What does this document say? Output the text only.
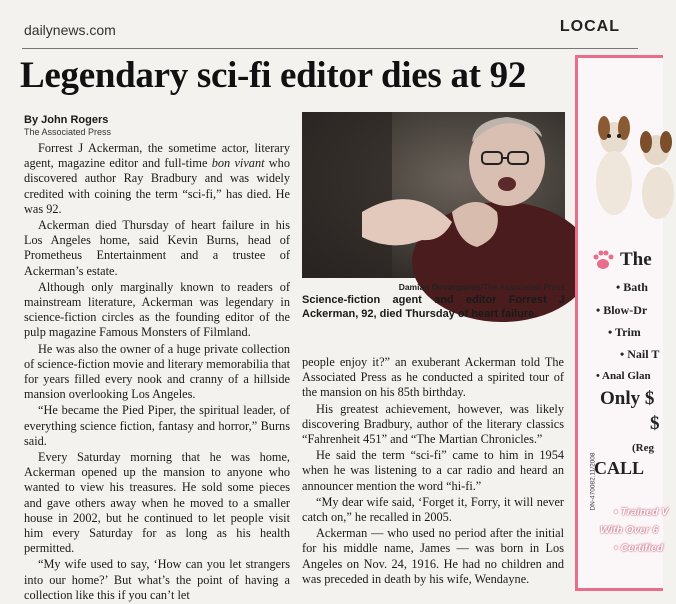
dailynews.com	LOCAL
Legendary sci-fi editor dies at 92
By John Rogers
The Associated Press

Forrest J Ackerman, the sometime actor, literary agent, magazine editor and full-time bon vivant who discovered author Ray Bradbury and was widely credited with coining the term “sci-fi,” has died. He was 92.

Ackerman died Thursday of heart failure in his Los Angeles home, said Kevin Burns, head of Prometheus Entertainment and a trustee of Ackerman’s estate.

Although only marginally known to readers of mainstream literature, Ackerman was legendary in science-fiction circles as the founding editor of the pulp magazine Famous Monsters of Filmland.

He was also the owner of a huge private collection of science-fiction movie and literary memorabilia that for years filled every nook and cranny of a hillside mansion overlooking Los Angeles.

“He became the Pied Piper, the spiritual leader, of everything science fiction, fantasy and horror,” Burns said.

Every Saturday morning that he was home, Ackerman opened up the mansion to anyone who wanted to view his treasures. He sold some pieces and gave others away when he moved to a smaller house in 2002, but he continued to let people visit him every Saturday for as long as his health permitted.

“My wife used to say, ‘How can you let strangers into our home?’ But what’s the point of having a collection like this if you can’t let

Damian Dovarganes/The Associated Press
Science-fiction agent and editor Forrest J Ackerman, 92, died Thursday of heart failure.

people enjoy it?” an exuberant Ackerman told The Associated Press as he conducted a spirited tour of the mansion on his 85th birthday.

His greatest achievement, however, was likely discovering Bradbury, author of the literary classics “Fahrenheit 451” and “The Martian Chronicles.”

He said the term “sci-fi” came to him in 1954 when he was listening to a car radio and heard an announcer mention the word “hi-fi.”

“My dear wife said, ‘Forget it, Forry, it will never catch on,” he recalled in 2005.

Ackerman — who used no period after the initial for his middle name, James — was born in Los Angeles on Nov. 24, 1916. He had no children and was preceded in death by his wife, Wendayne.

The
• Bath
• Blow-Dr
• Trim
• Nail T
• Anal Glan
Only $
$
(Reg
CALL
DN-470082.11/2008
• Trained V
With Over 6
• Certified
